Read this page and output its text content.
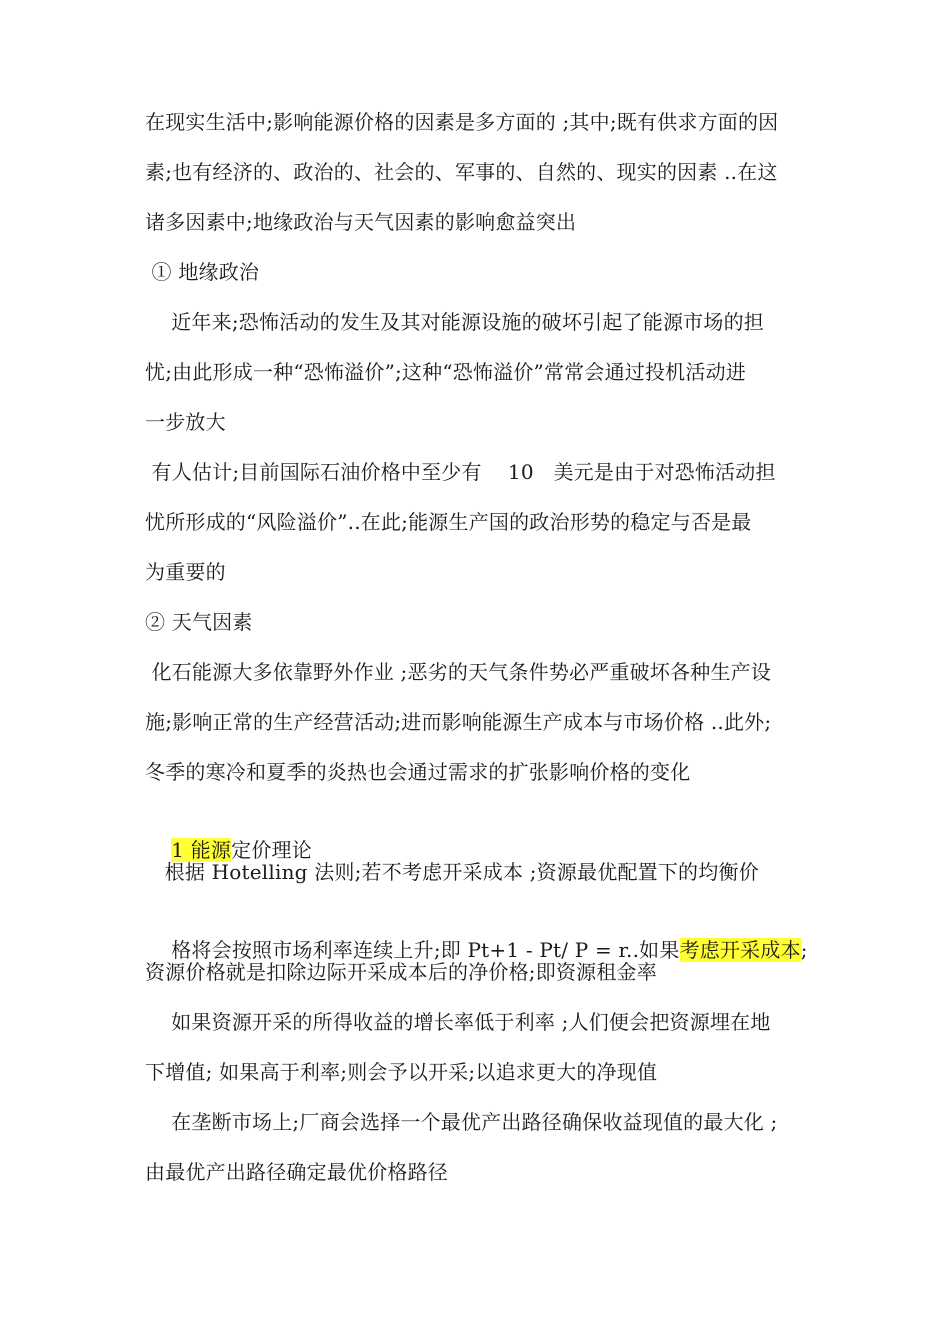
在现实生活中;影响能源价格的因素是多方面的 ;其中;既有供求方面的因
素;也有经济的、政治的、社会的、军事的、自然的、现实的因素 ..在这
诸多因素中;地缘政治与天气因素的影响愈益突出
① 地缘政治
近年来;恐怖活动的发生及其对能源设施的破坏引起了能源市场的担
忧;由此形成一种“恐怖溢价”;这种“恐怖溢价”常常会通过投机活动进
一步放大
有人估计;目前国际石油价格中至少有    10   美元是由于对恐怖活动担
忧所形成的“风险溢价”..在此;能源生产国的政治形势的稳定与否是最
为重要的
② 天气因素
化石能源大多依靠野外作业 ;恶劣的天气条件势必严重破坏各种生产设
施;影响正常的生产经营活动;进而影响能源生产成本与市场价格 ..此外;
冬季的寒冷和夏季的炎热也会通过需求的扩张影响价格的变化

1 能源定价理论

根据 Hotelling 法则;若不考虑开采成本 ;资源最优配置下的均衡价

格将会按照市场利率连续上升;即 Pt+1 - Pt/ P = r..如果考虑开采成本;

资源价格就是扣除边际开采成本后的净价格;即资源租金率
如果资源开采的所得收益的增长率低于利率 ;人们便会把资源埋在地
下增值; 如果高于利率;则会予以开采;以追求更大的净现值
在垄断市场上;厂商会选择一个最优产出路径确保收益现值的最大化 ;
由最优产出路径确定最优价格路径
